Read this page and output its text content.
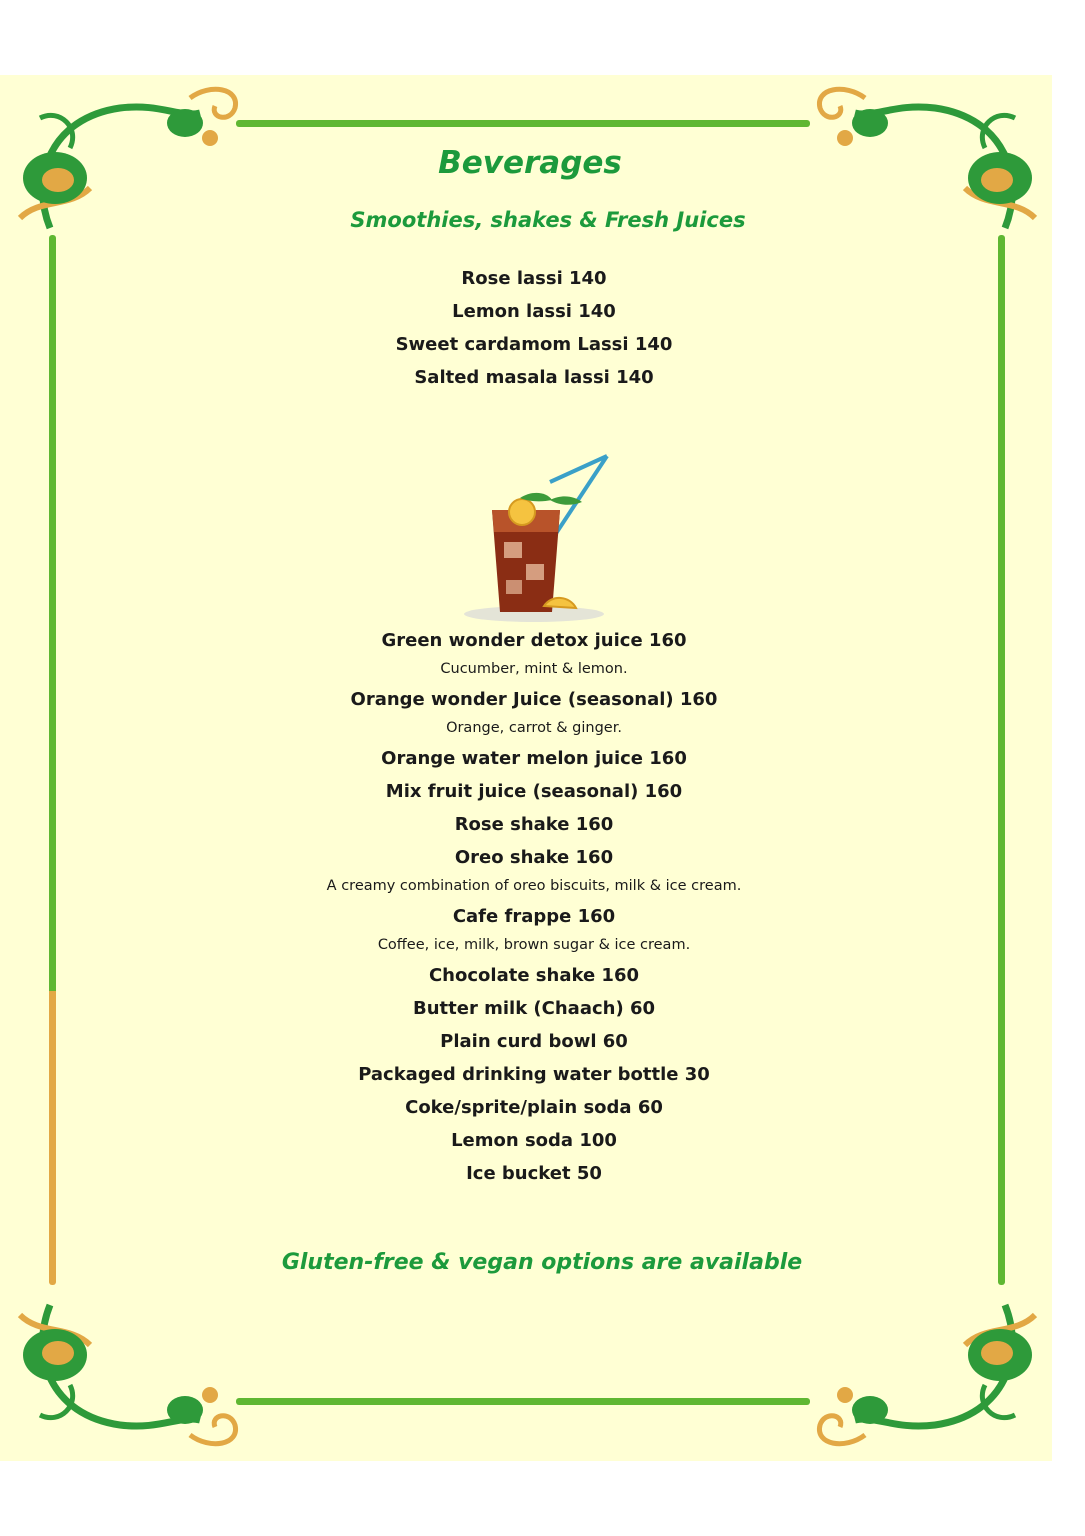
Beverages
Smoothies, shakes & Fresh Juices
Rose lassi 140
Lemon lassi 140
Sweet cardamom Lassi 140
Salted masala lassi 140
Green wonder detox juice 160
Cucumber, mint & lemon.
Orange wonder Juice (seasonal) 160
Orange, carrot & ginger.
Orange water melon juice 160
Mix fruit juice (seasonal) 160
Rose shake 160
Oreo shake 160
A creamy combination of oreo biscuits, milk & ice cream.
Cafe frappe 160
Coffee, ice, milk, brown sugar & ice cream.
Chocolate shake 160
Butter milk (Chaach) 60
Plain curd bowl 60
Packaged drinking water bottle 30
Coke/sprite/plain soda 60
Lemon soda 100
Ice bucket 50
Gluten-free & vegan options are available
